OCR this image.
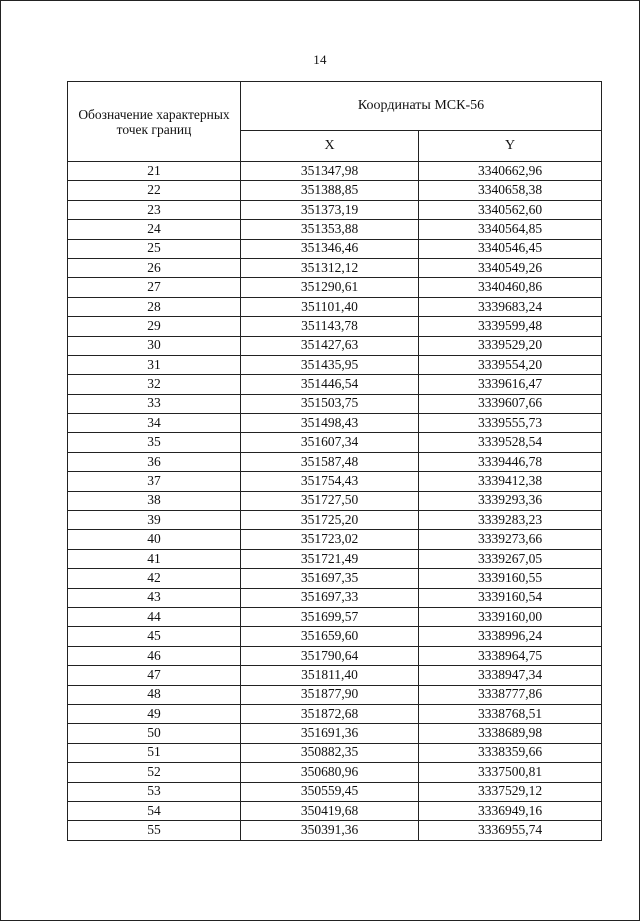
14
Обозначение характерных точек границ	Координаты МСК-56	
	X	Y
21	351347,98	3340662,96
22	351388,85	3340658,38
23	351373,19	3340562,60
24	351353,88	3340564,85
25	351346,46	3340546,45
26	351312,12	3340549,26
27	351290,61	3340460,86
28	351101,40	3339683,24
29	351143,78	3339599,48
30	351427,63	3339529,20
31	351435,95	3339554,20
32	351446,54	3339616,47
33	351503,75	3339607,66
34	351498,43	3339555,73
35	351607,34	3339528,54
36	351587,48	3339446,78
37	351754,43	3339412,38
38	351727,50	3339293,36
39	351725,20	3339283,23
40	351723,02	3339273,66
41	351721,49	3339267,05
42	351697,35	3339160,55
43	351697,33	3339160,54
44	351699,57	3339160,00
45	351659,60	3338996,24
46	351790,64	3338964,75
47	351811,40	3338947,34
48	351877,90	3338777,86
49	351872,68	3338768,51
50	351691,36	3338689,98
51	350882,35	3338359,66
52	350680,96	3337500,81
53	350559,45	3337529,12
54	350419,68	3336949,16
55	350391,36	3336955,74
